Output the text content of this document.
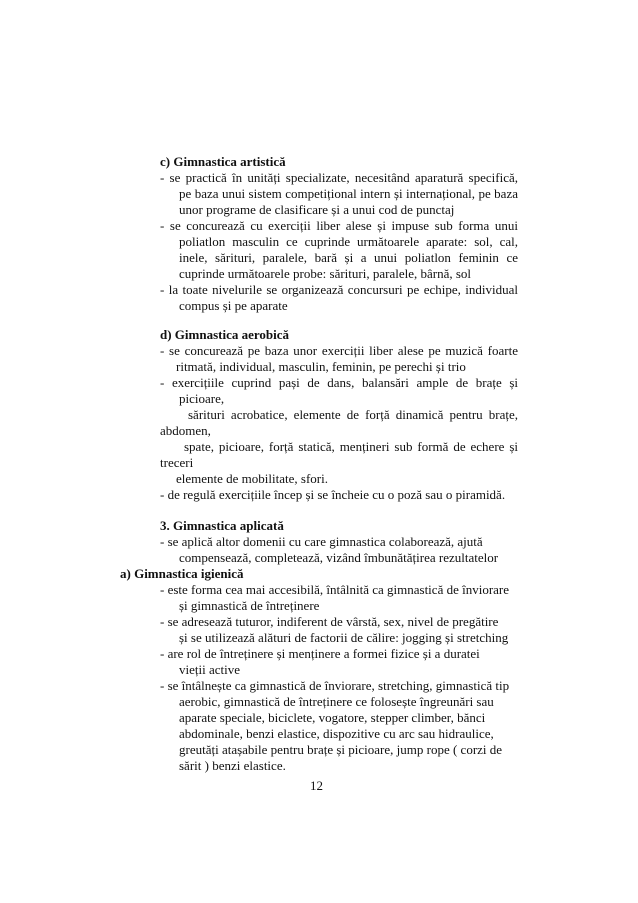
c) Gimnastica artistică
- se practică în unități specializate, necesitând aparatură specifică,
pe baza unui sistem competițional intern și internațional, pe baza
unor programe de clasificare și a unui cod de punctaj
- se concurează cu exerciții liber alese și impuse sub forma unui
poliatlon masculin ce cuprinde următoarele aparate: sol, cal,
inele, sărituri, paralele, bară și a unui poliatlon feminin ce
cuprinde următoarele probe: sărituri, paralele, bârnă, sol
- la toate nivelurile se organizează concursuri pe echipe, individual
compus și pe aparate
d) Gimnastica aerobică
- se concurează pe baza unor exerciții liber alese pe muzică foarte
ritmată, individual, masculin, feminin, pe perechi și trio
- exercițiile cuprind pași de dans, balansări ample de brațe și
picioare,
sărituri acrobatice, elemente de forță dinamică pentru brațe,
abdomen,
spate, picioare, forță statică, mențineri sub formă de echere și
treceri
elemente de mobilitate, sfori.
- de regulă exercițiile încep și se încheie cu o poză sau o piramidă.
3. Gimnastica aplicată
- se aplică altor domenii cu care gimnastica colaborează, ajută
compensează, completează, vizând îmbunătățirea rezultatelor
a) Gimnastica igienică
- este forma cea mai accesibilă, întâlnită ca gimnastică de înviorare
și gimnastică de întreținere
- se adresează tuturor, indiferent de vârstă, sex, nivel de pregătire
și se utilizează alături de factorii de călire: jogging și stretching
- are rol de întreținere și menținere a formei fizice și a duratei
vieții active
- se întâlnește ca gimnastică de înviorare, stretching, gimnastică tip
aerobic, gimnastică de întreținere ce folosește îngreunări sau
aparate speciale, biciclete, vogatore, stepper climber, bănci
abdominale, benzi elastice, dispozitive cu arc sau hidraulice,
greutăți atașabile pentru brațe și picioare, jump rope ( corzi de
sărit ) benzi elastice.
12
